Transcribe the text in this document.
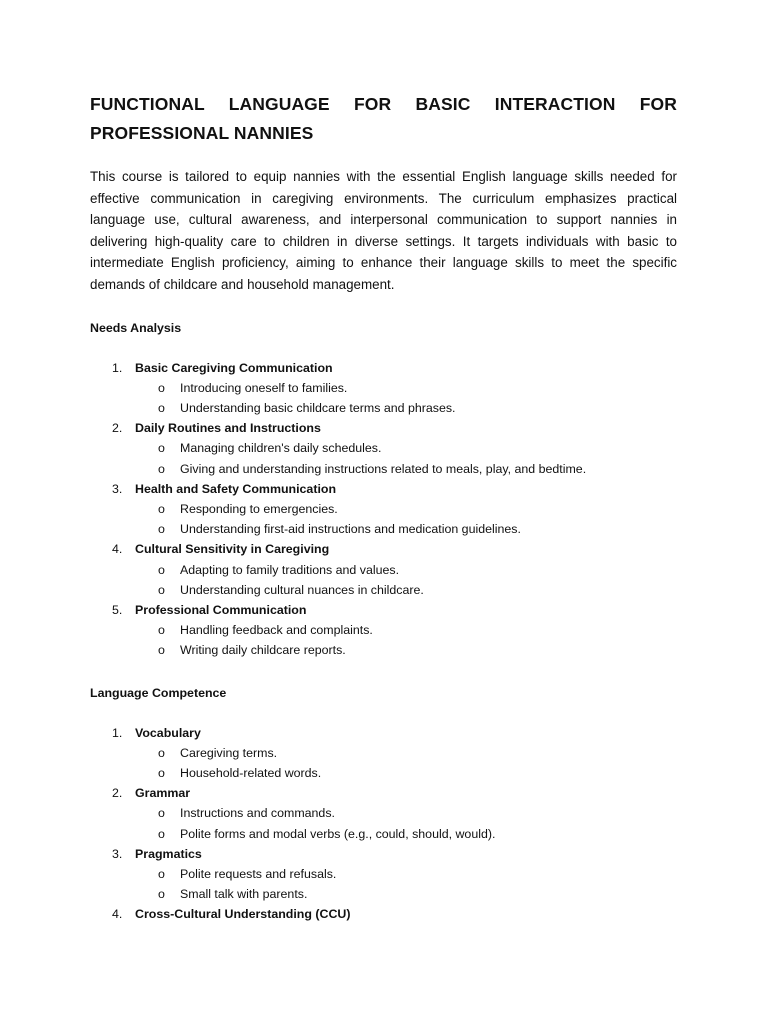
FUNCTIONAL LANGUAGE FOR BASIC INTERACTION FOR PROFESSIONAL NANNIES

This course is tailored to equip nannies with the essential English language skills needed for effective communication in caregiving environments. The curriculum emphasizes practical language use, cultural awareness, and interpersonal communication to support nannies in delivering high-quality care to children in diverse settings. It targets individuals with basic to intermediate English proficiency, aiming to enhance their language skills to meet the specific demands of childcare and household management.

Needs Analysis
1. Basic Caregiving Communication
o Introducing oneself to families.
o Understanding basic childcare terms and phrases.
2. Daily Routines and Instructions
o Managing children's daily schedules.
o Giving and understanding instructions related to meals, play, and bedtime.
3. Health and Safety Communication
o Responding to emergencies.
o Understanding first-aid instructions and medication guidelines.
4. Cultural Sensitivity in Caregiving
o Adapting to family traditions and values.
o Understanding cultural nuances in childcare.
5. Professional Communication
o Handling feedback and complaints.
o Writing daily childcare reports.
Language Competence
1. Vocabulary
o Caregiving terms.
o Household-related words.
2. Grammar
o Instructions and commands.
o Polite forms and modal verbs (e.g., could, should, would).
3. Pragmatics
o Polite requests and refusals.
o Small talk with parents.
4. Cross-Cultural Understanding (CCU)
